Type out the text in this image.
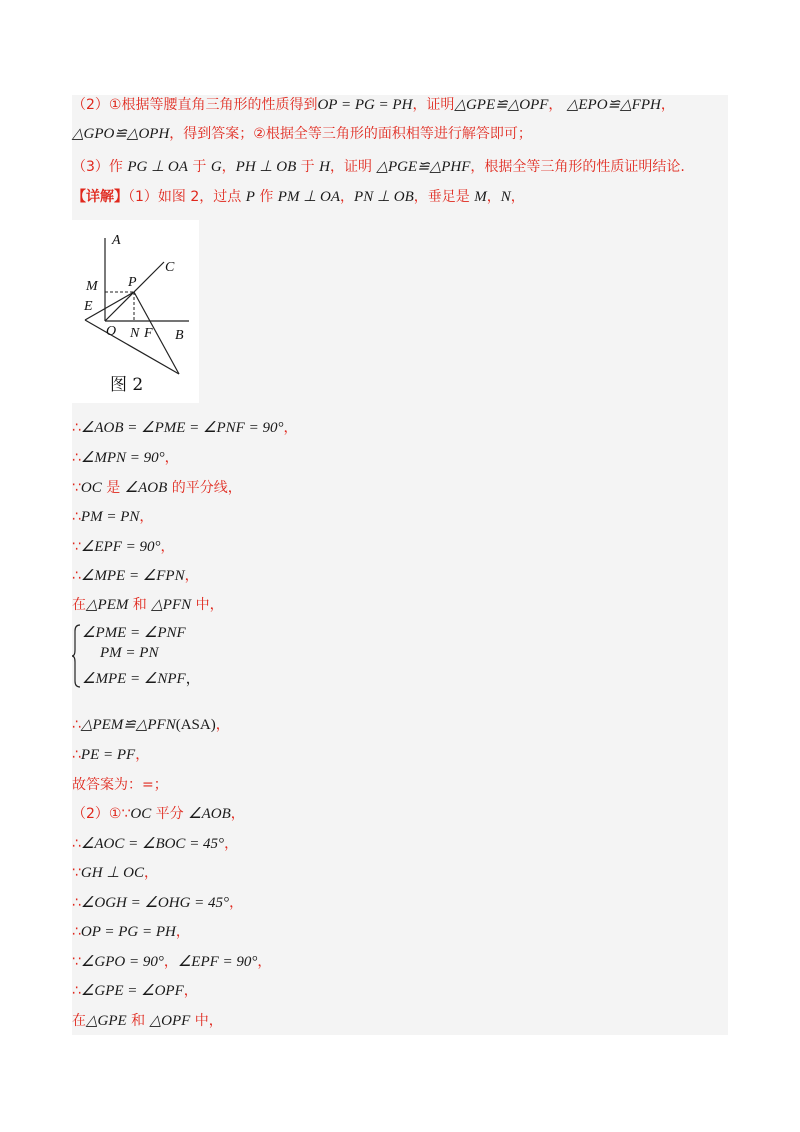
（2）①根据等腰直角三角形的性质得到OP = PG = PH，证明△GPE≌△OPF， △EPO≌△FPH，
△GPO≌△OPH，得到答案；②根据全等三角形的面积相等进行解答即可；
（3）作 PG ⊥ OA 于 G，PH ⊥ OB 于 H，证明 △PGE≌△PHF，根据全等三角形的性质证明结论.
【详解】（1）如图 2，过点 P 作 PM ⊥ OA，PN ⊥ OB，垂足是 M，N，
A
C
M P
E
O N F B
图 2
∴∠AOB = ∠PME = ∠PNF = 90°，
∴∠MPN = 90°，
∵OC 是 ∠AOB 的平分线，
∴PM = PN，
∵∠EPF = 90°，
∴∠MPE = ∠FPN，
在△PEM 和 △PFN 中，
∠PME = ∠PNF
PM = PN
∠MPE = ∠NPF，
∴△PEM≌△PFN(ASA)，
∴PE = PF，
故答案为：=；
（2）①∵OC 平分 ∠AOB，
∴∠AOC = ∠BOC = 45°，
∵GH ⊥ OC，
∴∠OGH = ∠OHG = 45°，
∴OP = PG = PH，
∵∠GPO = 90°，∠EPF = 90°，
∴∠GPE = ∠OPF，
在△GPE 和 △OPF 中，
